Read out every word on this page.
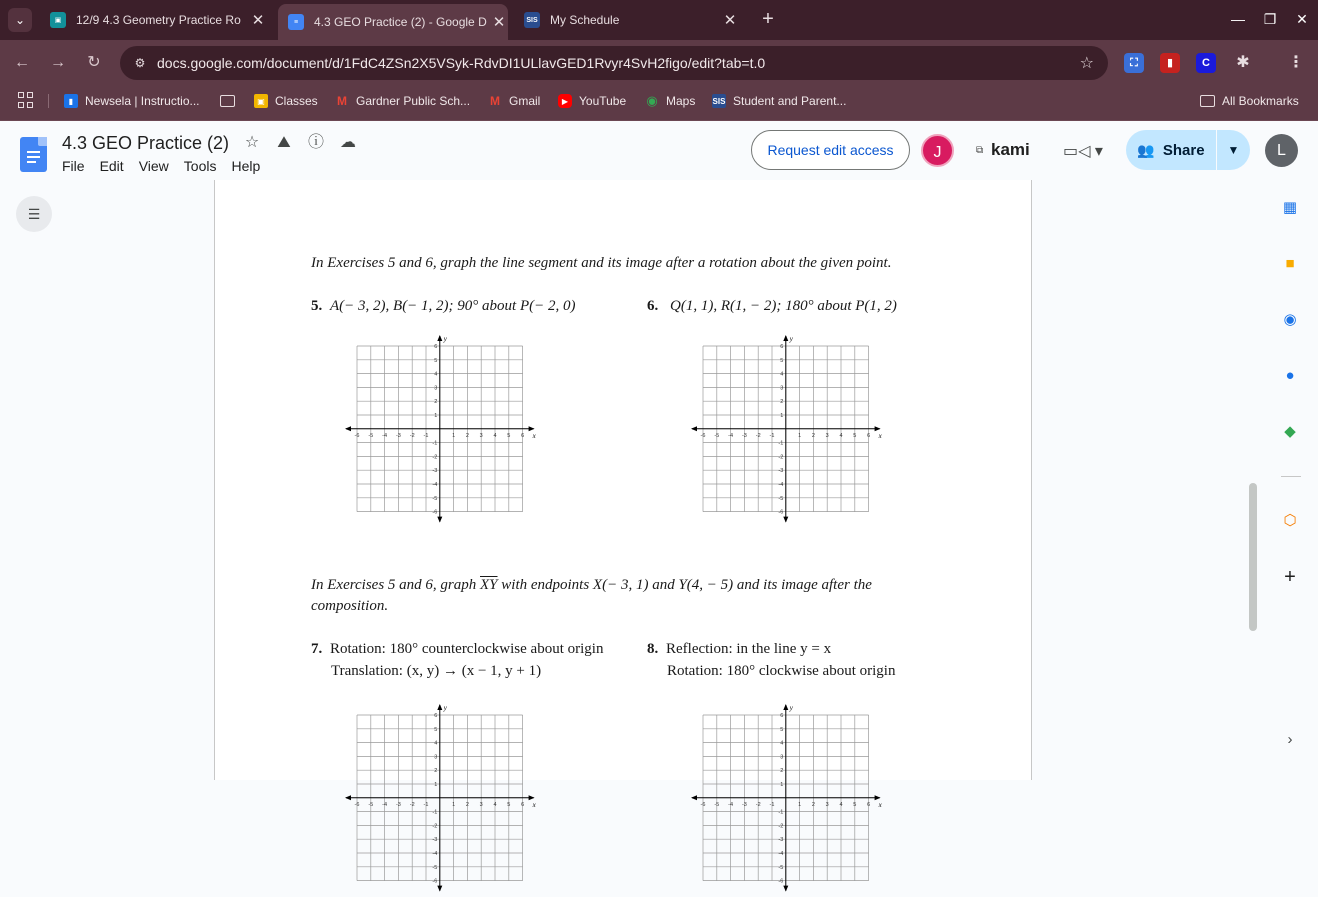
⌄	▣	12/9 4.3 Geometry Practice Ro ✕	≡	4.3 GEO Practice (2) - Google D ✕	SIS My Schedule	✕	+	—	❐	✕
←	→	↻	⚙ docs.google.com/document/d/1FdC4ZSn2X5VSyk-RdvDI1ULlavGED1Rvyr4SvH2figo/edit?tab=t.0	☆	⛶	▮	C	✱ ⋮
▮ Newsela | Instructio...	▣ Classes M Gardner Public Sch... M Gmail	▶ YouTube ◉ Maps SIS Student and Parent...	All Bookmarks
4.3 GEO Practice (2) ☆ ⛰ ⓘ ☁
File Edit View Tools Help
Request edit access	J	⧉ kami ▭◁ ▾ 👥 Share	▼	L
☰
In Exercises 5 and 6, graph the line segment and its image after a rotation about the given point.
5. A(− 3, 2), B(− 1, 2); 90° about P(− 2, 0)	6. Q(1, 1), R(1, − 2); 180° about P(1, 2)
-6
-6
-5
-5
-4
-4
-3
-3
-2
-2
-1
-1
1
1
2
2
3
3
4
4
5
5
6
6
x
y
-6
-6
-5
-5
-4
-4
-3
-3
-2
-2
-1
-1
1
1
2
2
3
3
4
4
5
5
6
6
x
y
In Exercises 5 and 6, graph $\overline{XY}$ with endpoints X(− 3, 1) and Y(4, − 5) and its image after the
composition.
7. Rotation: 180° counterclockwise about origin
Translation: (x, y) → (x − 1, y + 1)
8. Reflection: in the line y = x
Rotation: 180° clockwise about origin
-6
-6
-5
-5
-4
-4
-3
-3
-2
-2
-1
-1
1
1
2
2
3
3
4
4
5
5
6
6
x
y
-6
-6
-5
-5
-4
-4
-3
-3
-2
-2
-1
-1
1
1
2
2
3
3
4
4
5
5
6
6
x
y
▦
■
◉
●
◆
⬡
+
›
